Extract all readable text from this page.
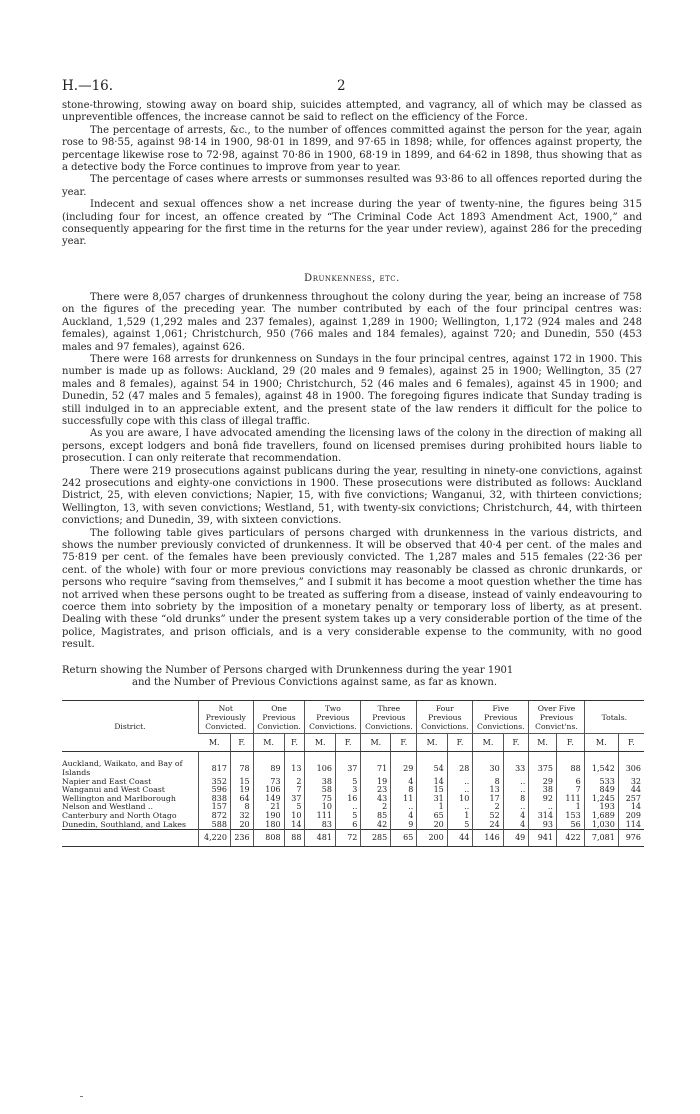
H.—16.	2

stone-throwing, stowing away on board ship, suicides attempted, and vagrancy, all of which may be classed as unpreventible offences, the increase cannot be said to reflect on the efficiency of the Force.

The percentage of arrests, &c., to the number of offences committed against the person for the year, again rose to 98·55, against 98·14 in 1900, 98·01 in 1899, and 97·65 in 1898; while, for offences against property, the percentage likewise rose to 72·98, against 70·86 in 1900, 68·19 in 1899, and 64·62 in 1898, thus showing that as a detective body the Force continues to improve from year to year.

The percentage of cases where arrests or summonses resulted was 93·86 to all offences reported during the year.

Indecent and sexual offences show a net increase during the year of twenty-nine, the figures being 315 (including four for incest, an offence created by “The Criminal Code Act 1893 Amendment Act, 1900,” and consequently appearing for the first time in the returns for the year under review), against 286 for the preceding year.

Drunkenness, etc.

There were 8,057 charges of drunkenness throughout the colony during the year, being an increase of 758 on the figures of the preceding year. The number contributed by each of the four principal centres was: Auckland, 1,529 (1,292 males and 237 females), against 1,289 in 1900; Wellington, 1,172 (924 males and 248 females), against 1,061; Christchurch, 950 (766 males and 184 females), against 720; and Dunedin, 550 (453 males and 97 females), against 626.

There were 168 arrests for drunkenness on Sundays in the four principal centres, against 172 in 1900. This number is made up as follows: Auckland, 29 (20 males and 9 females), against 25 in 1900; Wellington, 35 (27 males and 8 females), against 54 in 1900; Christchurch, 52 (46 males and 6 females), against 45 in 1900; and Dunedin, 52 (47 males and 5 females), against 48 in 1900. The foregoing figures indicate that Sunday trading is still indulged in to an appreciable extent, and the present state of the law renders it difficult for the police to successfully cope with this class of illegal traffic.

As you are aware, I have advocated amending the licensing laws of the colony in the direction of making all persons, except lodgers and bonâ fide travellers, found on licensed premises during prohibited hours liable to prosecution. I can only reiterate that recommendation.

There were 219 prosecutions against publicans during the year, resulting in ninety-one convictions, against 242 prosecutions and eighty-one convictions in 1900. These prosecutions were distributed as follows: Auckland District, 25, with eleven convictions; Napier, 15, with five convictions; Wanganui, 32, with thirteen convictions; Wellington, 13, with seven convictions; Westland, 51, with twenty-six convictions; Christchurch, 44, with thirteen convictions; and Dunedin, 39, with sixteen convictions.

The following table gives particulars of persons charged with drunkenness in the various districts, and shows the number previously convicted of drunkenness. It will be observed that 40·4 per cent. of the males and 75·819 per cent. of the females have been previously convicted. The 1,287 males and 515 females (22·36 per cent. of the whole) with four or more previous convictions may reasonably be classed as chronic drunkards, or persons who require “saving from themselves,” and I submit it has become a moot question whether the time has not arrived when these persons ought to be treated as suffering from a disease, instead of vainly endeavouring to coerce them into sobriety by the imposition of a monetary penalty or temporary loss of liberty, as at present. Dealing with these “old drunks” under the present system takes up a very considerable portion of the time of the police, Magistrates, and prison officials, and is a very considerable expense to the community, with no good result.

Return showing the Number of Persons charged with Drunkenness during the year 1901
and the Number of Previous Convictions against same, as far as known.
District.	Not Previously Convicted.		One Previous Conviction.		Two Previous Convictions.		Three Previous Convictions.		Four Previous Convictions.		Five Previous Convictions.		Over Five Previous Convict'ns.		Totals.	
	M.	F.	M.	F.	M.	F.	M.	F.	M.	F.	M.	F.	M.	F.	M.	F.
Auckland, Waikato, and Bay of Islands	817	78	89	13	106	37	71	29	54	28	30	33	375	88	1,542	306
Napier and East Coast	352	15	73	2	38	5	19	4	14	..	8	..	29	6	533	32
Wanganui and West Coast	596	19	106	7	58	3	23	8	15	..	13	..	38	7	849	44
Wellington and Marlborough	838	64	149	37	75	16	43	11	31	10	17	8	92	111	1,245	257
Nelson and Westland ..	157	8	21	5	10	..	2	..	1	..	2	..	..	1	193	14
Canterbury and North Otago	872	32	190	10	111	5	85	4	65	1	52	4	314	153	1,689	209
Dunedin, Southland, and Lakes	588	20	180	14	83	6	42	9	20	5	24	4	93	56	1,030	114
	4,220	236	808	88	481	72	285	65	200	44	146	49	941	422	7,081	976
